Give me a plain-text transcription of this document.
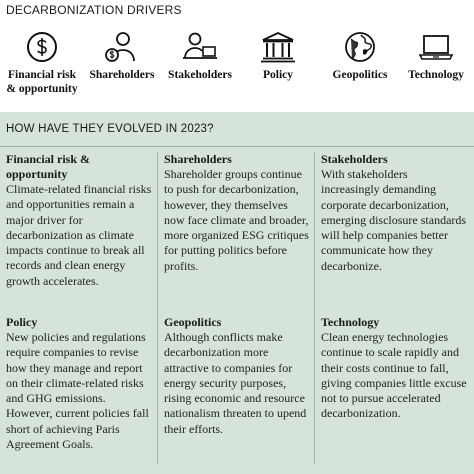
DECARBONIZATION DRIVERS
Financial risk
& opportunity
Shareholders	Stakeholders	Policy	Geopolitics	Technology
HOW HAVE THEY EVOLVED IN 2023?
Financial risk & opportunity
Climate-related financial risks and opportunities remain a major driver for decarbonization as climate impacts continue to break all records and clean energy growth accelerates.
Shareholders
Shareholder groups continue to push for decarbonization, however, they themselves now face climate and broader, more organized ESG critiques for putting politics before profits.
Stakeholders
With stakeholders increasingly demanding corporate decarbonization, emerging disclosure standards will help companies better communicate how they decarbonize.
Policy
New policies and regulations require companies to revise how they manage and report on their climate-related risks and GHG emissions. However, current policies fall short of achieving Paris Agreement Goals.
Geopolitics
Although conflicts make decarbonization more attractive to companies for energy security purposes, rising economic and resource nationalism threaten to upend their efforts.
Technology
Clean energy technologies continue to scale rapidly and their costs continue to fall, giving companies little excuse not to pursue accelerated decarbonization.
